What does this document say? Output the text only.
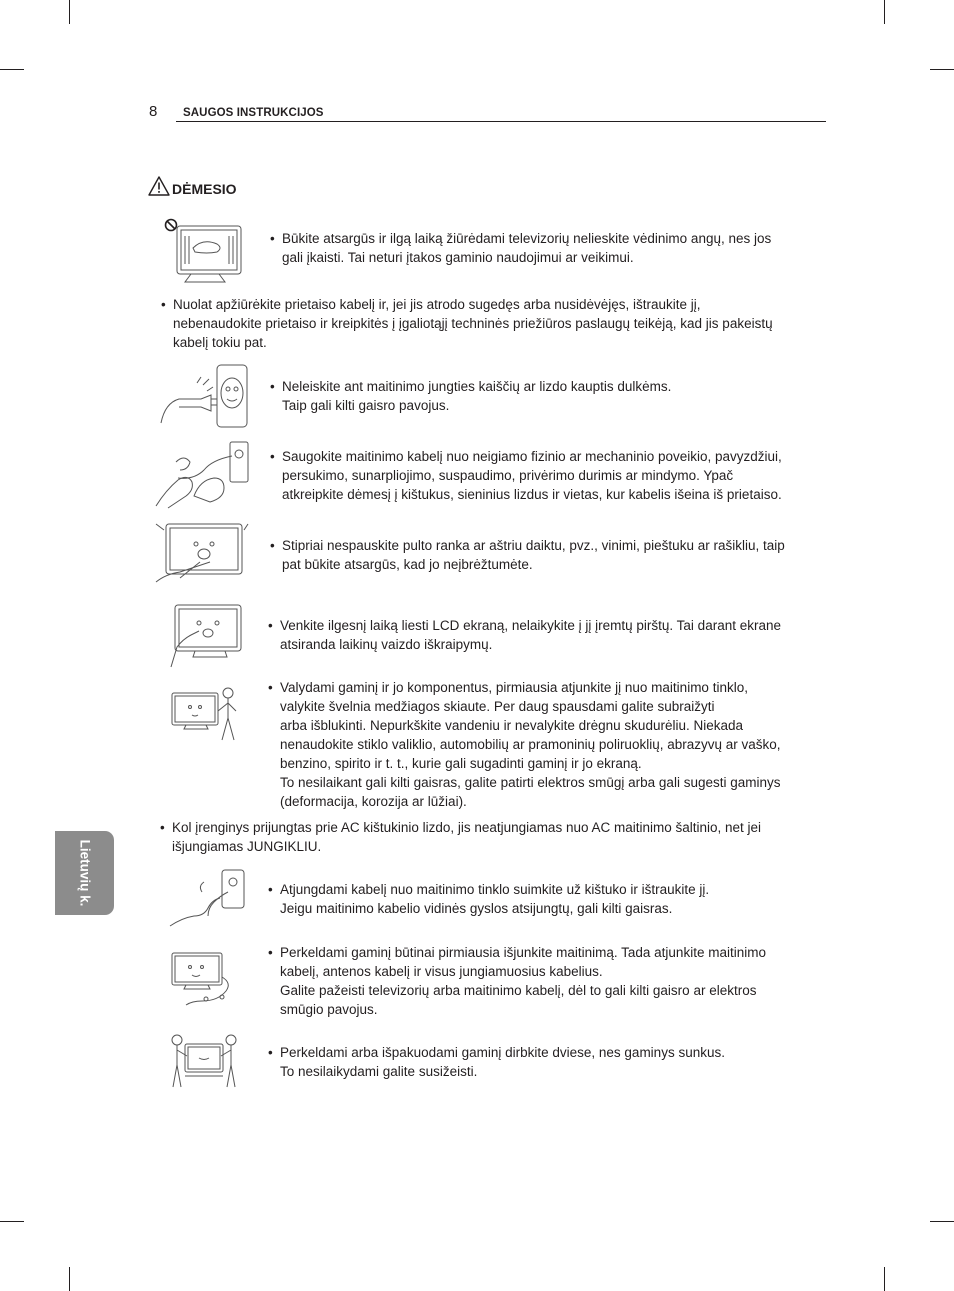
8 SAUGOS INSTRUKCIJOS
Lietuvių k.
DĖMESIO
• Būkite atsargūs ir ilgą laiką žiūrėdami televizorių nelieskite vėdinimo angų, nes jos

gali įkaisti. Tai neturi įtakos gaminio naudojimui ar veikimui.

• Nuolat apžiūrėkite prietaiso kabelį ir, jei jis atrodo sugedęs arba nusidėvėjęs, ištraukite jį,

nebenaudokite prietaiso ir kreipkitės į įgaliotąjį techninės priežiūros paslaugų teikėją, kad jis pakeistų

kabelį tokiu pat.

• Neleiskite ant maitinimo jungties kaiščių ar lizdo kauptis dulkėms.

Taip gali kilti gaisro pavojus.

• Saugokite maitinimo kabelį nuo neigiamo fizinio ar mechaninio poveikio, pavyzdžiui,

persukimo, sunarpliojimo, suspaudimo, privėrimo durimis ar mindymo. Ypač

atkreipkite dėmesį į kištukus, sieninius lizdus ir vietas, kur kabelis išeina iš prietaiso.

• Stipriai nespauskite pulto ranka ar aštriu daiktu, pvz., vinimi, pieštuku ar rašikliu, taip

pat būkite atsargūs, kad jo neįbrėžtumėte.

• Venkite ilgesnį laiką liesti LCD ekraną, nelaikykite į jį įremtų pirštų. Tai darant ekrane

atsiranda laikinų vaizdo iškraipymų.

• Valydami gaminį ir jo komponentus, pirmiausia atjunkite jį nuo maitinimo tinklo,

valykite švelnia medžiagos skiaute. Per daug spausdami galite subraižyti

arba išblukinti. Nepurkškite vandeniu ir nevalykite drėgnu skudurėliu. Niekada

nenaudokite stiklo valiklio, automobilių ar pramoninių poliruoklių, abrazyvų ar vaško,

benzino, spirito ir t. t., kurie gali sugadinti gaminį ir jo ekraną.

To nesilaikant gali kilti gaisras, galite patirti elektros smūgį arba gali sugesti gaminys

(deformacija, korozija ar lūžiai).

• Kol įrenginys prijungtas prie AC kištukinio lizdo, jis neatjungiamas nuo AC maitinimo šaltinio, net jei

išjungiamas JUNGIKLIU.

• Atjungdami kabelį nuo maitinimo tinklo suimkite už kištuko ir ištraukite jį.

Jeigu maitinimo kabelio vidinės gyslos atsijungtų, gali kilti gaisras.

• Perkeldami gaminį būtinai pirmiausia išjunkite maitinimą. Tada atjunkite maitinimo

kabelį, antenos kabelį ir visus jungiamuosius kabelius.

Galite pažeisti televizorių arba maitinimo kabelį, dėl to gali kilti gaisro ar elektros

smūgio pavojus.

• Perkeldami arba išpakuodami gaminį dirbkite dviese, nes gaminys sunkus.

To nesilaikydami galite susižeisti.
